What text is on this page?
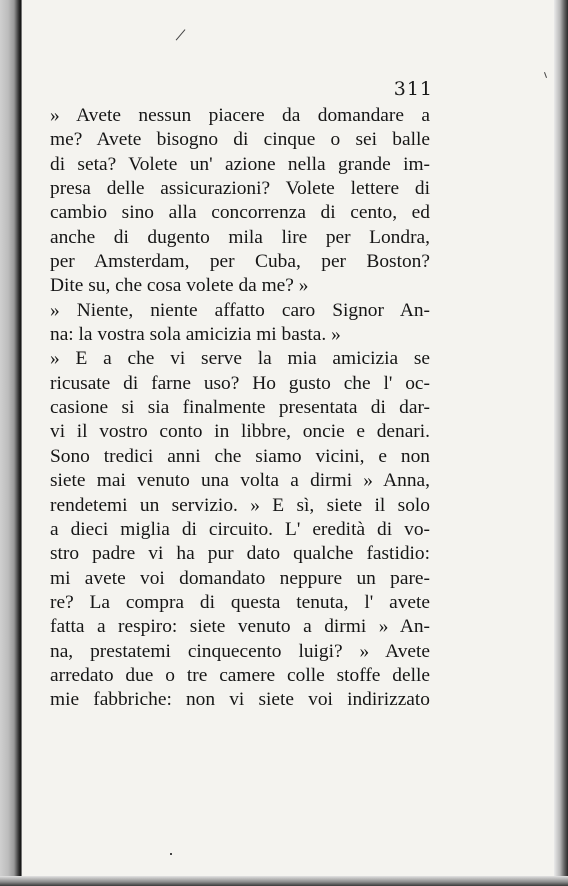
311
» Avete nessun piacere da domandare a
me? Avete bisogno di cinque o sei balle
di seta? Volete un' azione nella grande im-
presa delle assicurazioni? Volete lettere di
cambio sino alla concorrenza di cento, ed
anche di dugento mila lire per Londra,
per Amsterdam, per Cuba, per Boston?
Dite su, che cosa volete da me? »
» Niente, niente affatto caro Signor An-
na: la vostra sola amicizia mi basta. »
» E a che vi serve la mia amicizia se
ricusate di farne uso? Ho gusto che l' oc-
casione si sia finalmente presentata di dar-
vi il vostro conto in libbre, oncie e denari.
Sono tredici anni che siamo vicini, e non
siete mai venuto una volta a dirmi » Anna,
rendetemi un servizio. » E sì, siete il solo
a dieci miglia di circuito. L' eredità di vo-
stro padre vi ha pur dato qualche fastidio:
mi avete voi domandato neppure un pare-
re? La compra di questa tenuta, l' avete
fatta a respiro: siete venuto a dirmi » An-
na, prestatemi cinquecento luigi? » Avete
arredato due o tre camere colle stoffe delle
mie fabbriche: non vi siete voi indirizzato
